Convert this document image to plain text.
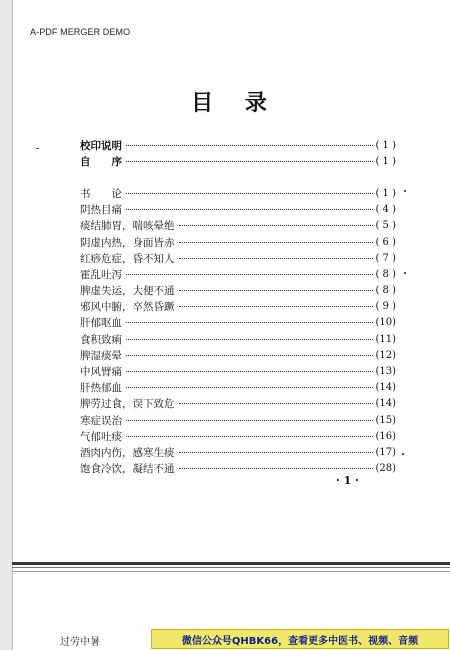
A-PDF MERGER DEMO
目 录
校印说明	( 1 )
自　　序	( 1 )
书　　论	( 1 )
阴热目痛	( 4 )
痰结肺胃，喘咳晕绝	( 5 )
阴虚内热，身面皆赤	( 6 )
红痧危症，昏不知人	( 7 )
霍乱吐泻	( 8 )
脾虚失运，大便不通	( 8 )
邪风中腑，卒然昏蹶	( 9 )
肝郁呕血	(10)
食积致痢	(11)
脾湿痰晕	(12)
中风臂痛	(13)
肝热郁血	(14)
脾劳过食，误下致危	(14)
寒症误治	(15)
气郁吐痰	(16)
酒肉内伤，感寒生痰	(17)
饱食冷饮，凝结不通	(28)
· 1 ·
过劳中暑	微信公众号QHBK66，查看更多中医书、视频、音频
